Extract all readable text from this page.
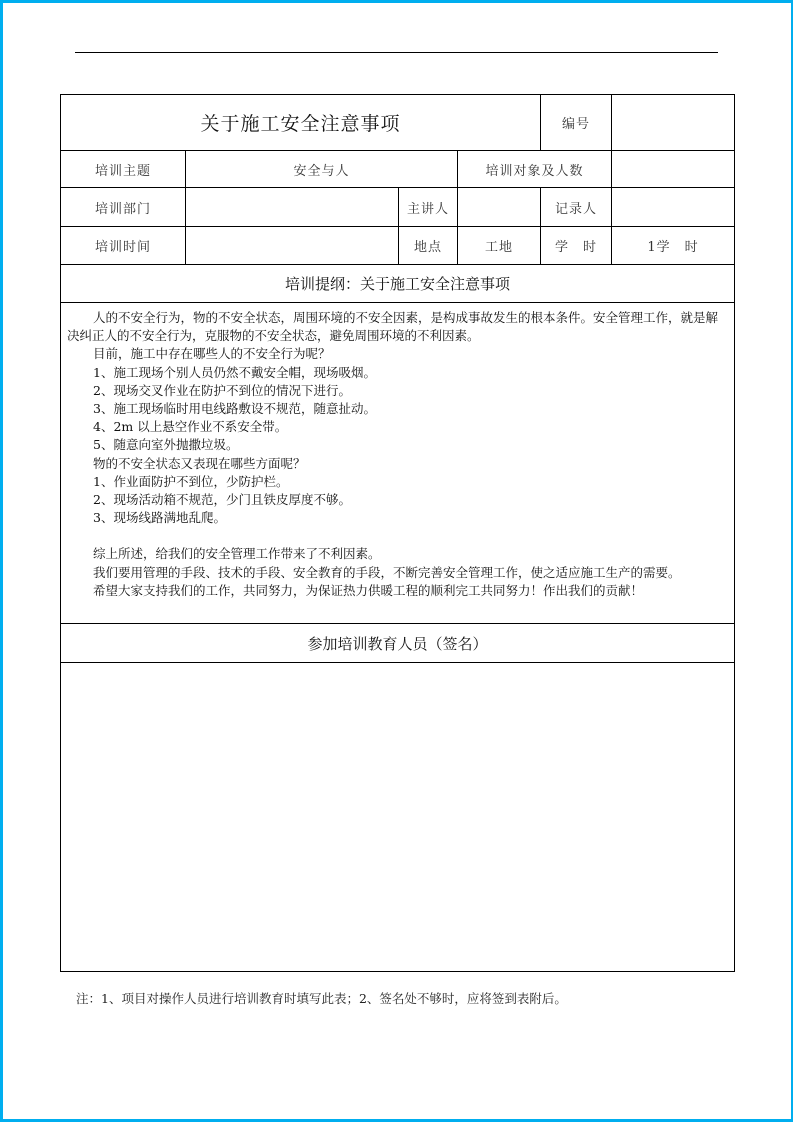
关于施工安全注意事项				编号	
培训主题	安全与人		培训对象及人数		
培训部门		主讲人		记录人	
培训时间		地点	工地	学　时	1学　时
培训提纲：关于施工安全注意事项					

人的不安全行为，物的不安全状态，周围环境的不安全因素，是构成事故发生的根本条件。安全管理工作，就是解决纠正人的不安全行为，克服物的不安全状态，避免周围环境的不利因素。

目前，施工中存在哪些人的不安全行为呢？

1、施工现场个别人员仍然不戴安全帽，现场吸烟。

2、现场交叉作业在防护不到位的情况下进行。

3、施工现场临时用电线路敷设不规范，随意扯动。

4、2m 以上悬空作业不系安全带。

5、随意向室外抛撒垃圾。

物的不安全状态又表现在哪些方面呢？

1、作业面防护不到位，少防护栏。

2、现场活动箱不规范，少门且铁皮厚度不够。

3、现场线路满地乱爬。

综上所述，给我们的安全管理工作带来了不利因素。

我们要用管理的手段、技术的手段、安全教育的手段，不断完善安全管理工作，使之适应施工生产的需要。

希望大家支持我们的工作，共同努力，为保证热力供暖工程的顺利完工共同努力！作出我们的贡献！

参加培训教育人员（签名）					

注：1、项目对操作人员进行培训教育时填写此表；2、签名处不够时，应将签到表附后。
